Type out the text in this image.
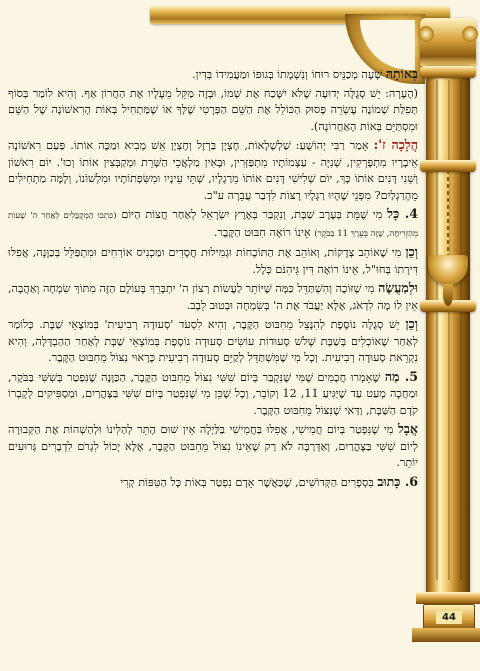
44

בְּאוֹתָהּ שָׁעָה מְכַנֵּיס רוּחוֹ וְנִשְׁמָתוֹ בְּגוּפוֹ וּמַעֲמִידוֹ בְּדִין.

(הֶעָרָה: יֵשׁ סְגֻלָּה יְדוּעָה שֶׁלֹּא יִשָּׁכַח אֶת שְׁמוֹ, וּבָזֶה מַקֵּל מֵעָלָיו אֶת הַחֲרוֹן אַף. וְהִיא לוֹמַר בְּסוֹף תְּפִלַּת שְׁמוֹנֶה עֶשְׂרֵה פָּסוּק הַכּוֹלֵל אֶת הַשֵּׁם הַפְּרָטִי שֶׁלְּךָ אוֹ שֶׁמַּתְחִיל בְּאוֹת הָרִאשׁוֹנָה שֶׁל הַשֵּׁם וּמִסְתַּיֵּם בְּאוֹת הָאַחֲרוֹנָה).

הֲלָכָה ז': אָמַר רַבִּי יְהוֹשֻׁעַ: שַׁלְשְׁלָאוֹת, חֶצְיָן בַּרְזֶל וְחֶצְיָן אֵשׁ מְבִיא וּמַכֶּה אוֹתוֹ. פַּעַם רִאשׁוֹנָה אֵיבָרָיו מִתְפָּרְקִין, שְׁנִיָּה - עַצְמוֹתָיו מִתְפַּזְּרִין, וּבָאִין מַלְאֲכֵי הַשָּׁרֵת וּמְקַבְּצִין אוֹתוֹ וְכוּ'. יוֹם רִאשׁוֹן וְשֵׁנִי דָּנִים אוֹתוֹ כָּךְ, יוֹם שְׁלִישִׁי דָּנִים אוֹתוֹ מֵרַגְלָיו, שְׁתֵּי עֵינָיו וּמִשִּׂפְתוֹתָיו וּמִלְשׁוֹנוֹ, וְלָמָּה מַתְחִילִים מֵהָרַגְלַיִם? מִפְּנֵי שֶׁהָיוּ רַגְלָיו רָצוֹת לִדְבַר עֲבֵרָה ע"כ.

4. כָּל מִי שֶׁמֵּת בְּעֶרֶב שַׁבָּת, וְנִקְבַּר בְּאֶרֶץ יִשְׂרָאֵל לְאַחַר חֲצוֹת הַיּוֹם (כִּתְבוּ הַמְקֻבָּלִים לְאַחַר ה' שָׁעוֹת מֵהַזְּרִיחָה, שֶׁזֶּה בְּעֵרֶךְ 11 בַּבֹּקֶר) אֵינוֹ רוֹאֶה חִבּוּט הַקֶּבֶר.

וְכֵן מִי שֶׁאוֹהֵב צְדָקוֹת, וְאוֹהֵב אֶת הַתּוֹכָחוֹת וּגְמִילוּת חֲסָדִים וּמַכְנִיס אוֹרְחִים וּמִתְפַּלֵּל בְּכַוָּנָה, אֲפִלּוּ דִּירָתוֹ בְּחוּ"ל, אֵינוֹ רוֹאֶה דִּין גֵּיהִנֹּם כְּלָל.

וּלְמַעֲשֶׂה מִי שֶׁזּוֹכֶה וְהִשְׁתַּדֵּל כַּמָּה שֶׁיּוֹתֵר לַעֲשׂוֹת רְצוֹן ה' יִתְבָּרֵךְ בָּעוֹלָם הַזֶּה מִתּוֹךְ שִׂמְחָה וְאַהֲבָה, אֵין לוֹ מָה לִדְאֹג, אֶלָּא יַעֲבֹד אֶת ה' בְּשִׂמְחָה וּבְטוּב לֵבָב.

וְכֵן יֵשׁ סְגֻלָּה נוֹסֶפֶת לְהִנָּצֵל מֵחִבּוּט הַקֶּבֶר, וְהִיא לִסְעֹד 'סְעוּדָה רְבִיעִית' בְּמוֹצָאֵי שַׁבָּת. כְּלוֹמַר לְאַחַר שֶׁאוֹכְלִים בְּשַׁבָּת שָׁלֹשׁ סְעוּדוֹת עוֹשִׂים סְעוּדָה נוֹסֶפֶת בְּמוֹצָאֵי שַׁבָּת לְאַחַר הַהַבְדָּלָה, וְהִיא נִקְרֵאת סְעוּדָה רְבִיעִית. וְכָל מִי שֶׁמִּשְׁתַּדֵּל לְקַיֵּם סְעוּדָה רְבִיעִית כָּרָאוּי נִצּוֹל מֵחִבּוּט הַקֶּבֶר.

5. מַה שֶׁאָמְרוּ חֲכָמִים שֶׁמִּי שֶׁנִּקְבַּר בְּיוֹם שִׁשִּׁי נִצּוֹל מֵחִבּוּט הַקֶּבֶר, הַכַּוָּנָה שֶׁנִּפְטַר בְּשִׁשִּׁי בַּבֹּקֶר, וּמַחֲכָה מְעַט עַד שֶׁיַּגִּיעַ 11, 12 וְקוֹבֵר, וְכָל שֶׁכֵּן מִי שֶׁנִּפְטַר בְּיוֹם שִׁשִּׁי בַּצָּהֳרַיִם, וּמַסְפִּיקִים לְקָבְרוֹ קֹדֶם הַשַּׁבָּת, וַדַּאי שֶׁנִּצּוֹל מֵחִבּוּט הַקֶּבֶר.

אֲבָל מִי שֶׁנִּפְטַר בְּיוֹם חֲמִישִׁי, אֲפִלּוּ בַּחֲמִישִׁי בַּלַּיְלָה אֵין שׁוּם הֶתֵּר לְהַלִּינוֹ וּלְהַשְׁהוֹת אֶת הַקְּבוּרָה לְיוֹם שִׁשִּׁי בַּצָּהֳרַיִם, וְאַדְּרַבָּה לֹא רַק שֶׁאֵינוֹ נִצּוֹל מֵחִבּוּט הַקֶּבֶר, אֶלָּא יָכוֹל לִגְרֹם לִדְבָרִים גְּרוּעִים יוֹתֵר.

6. כָּתוּב בִּסְפָרִים הַקְּדוֹשִׁים, שֶׁכַּאֲשֶׁר אָדָם נִפְטַר בְּאוֹת כָּל הַטִּפּוֹת קְרִי
